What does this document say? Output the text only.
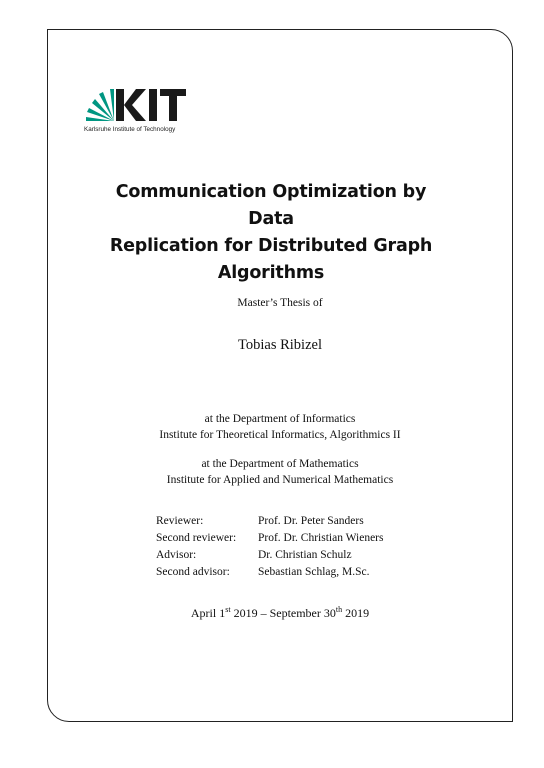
Karlsruhe Institute of Technology
Communication Optimization by Data
Replication for Distributed Graph
Algorithms
Master’s Thesis of
Tobias Ribizel
at the Department of Informatics
Institute for Theoretical Informatics, Algorithmics II
at the Department of Mathematics
Institute for Applied and Numerical Mathematics
Reviewer:	Prof. Dr. Peter Sanders
Second reviewer:	Prof. Dr. Christian Wieners
Advisor:	Dr. Christian Schulz
Second advisor:	Sebastian Schlag, M.Sc.
April 1st 2019 – September 30th 2019
